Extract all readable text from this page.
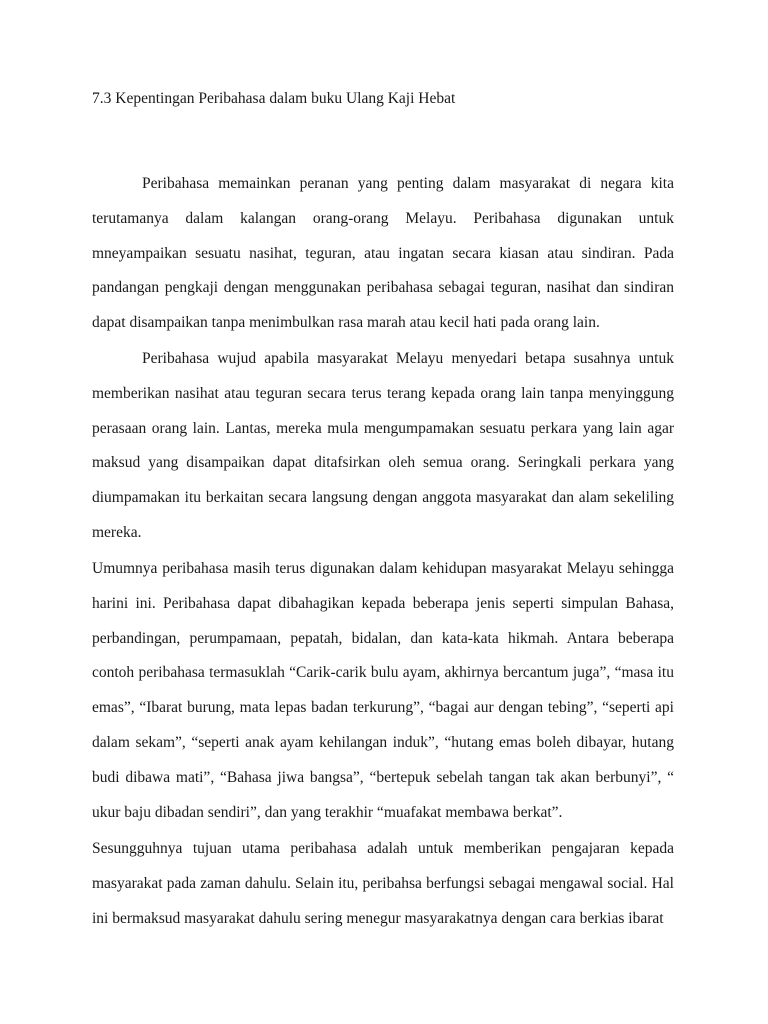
7.3 Kepentingan Peribahasa dalam buku Ulang Kaji Hebat

Peribahasa memainkan peranan yang penting dalam masyarakat di negara kita terutamanya dalam kalangan orang-orang Melayu. Peribahasa digunakan untuk mneyampaikan sesuatu nasihat, teguran, atau ingatan secara kiasan atau sindiran. Pada pandangan pengkaji dengan menggunakan peribahasa sebagai teguran, nasihat dan sindiran dapat disampaikan tanpa menimbulkan rasa marah atau kecil hati pada orang lain.

Peribahasa wujud apabila masyarakat Melayu menyedari betapa susahnya untuk memberikan nasihat atau teguran secara terus terang kepada orang lain tanpa menyinggung perasaan orang lain. Lantas, mereka mula mengumpamakan sesuatu perkara yang lain agar maksud yang disampaikan dapat ditafsirkan oleh semua orang. Seringkali perkara yang diumpamakan itu berkaitan secara langsung dengan anggota masyarakat dan alam sekeliling mereka.

Umumnya peribahasa masih terus digunakan dalam kehidupan masyarakat Melayu sehingga harini ini. Peribahasa dapat dibahagikan kepada beberapa jenis seperti simpulan Bahasa, perbandingan, perumpamaan, pepatah, bidalan, dan kata-kata hikmah. Antara beberapa contoh peribahasa termasuklah “Carik-carik bulu ayam, akhirnya bercantum juga”, “masa itu emas”, “Ibarat burung, mata lepas badan terkurung”, “bagai aur dengan tebing”, “seperti api dalam sekam”, “seperti anak ayam kehilangan induk”, “hutang emas boleh dibayar, hutang budi dibawa mati”, “Bahasa jiwa bangsa”, “bertepuk sebelah tangan tak akan berbunyi”, “ ukur baju dibadan sendiri”, dan yang terakhir “muafakat membawa berkat”.

Sesungguhnya tujuan utama peribahasa adalah untuk memberikan pengajaran kepada masyarakat pada zaman dahulu. Selain itu, peribahsa berfungsi sebagai mengawal social. Hal ini bermaksud masyarakat dahulu sering menegur masyarakatnya dengan cara berkias ibarat
